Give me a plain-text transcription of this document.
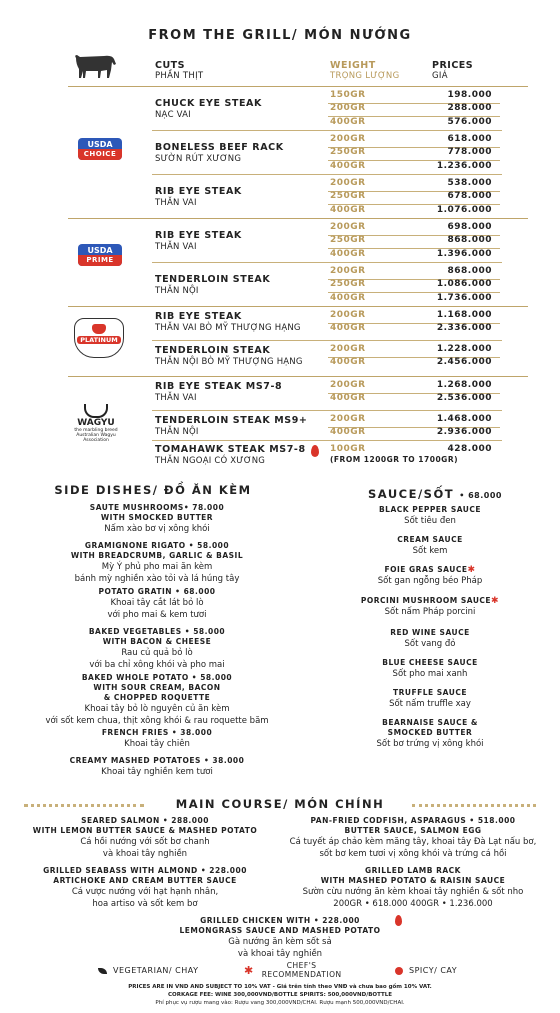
FROM THE GRILL/ MÓN NƯỚNG
CUTS
PHẦN THỊT
WEIGHT
TRỌNG LƯỢNG
PRICES
GIÁ
USDA
CHOICE
USDA
PRIME
PLATINUM
WAGYU
the marbling breed
Australian Wagyu Association
CHUCK EYE STEAK
NẠC VAI
150GR	198.000
200GR	288.000
400GR	576.000
BONELESS BEEF RACK
SƯỜN RÚT XƯƠNG
200GR	618.000
250GR	778.000
400GR	1.236.000
RIB EYE STEAK
THĂN VAI
200GR	538.000
250GR	678.000
400GR	1.076.000
RIB EYE STEAK
THĂN VAI
200GR	698.000
250GR	868.000
400GR	1.396.000
TENDERLOIN STEAK
THĂN NỘI
200GR	868.000
250GR	1.086.000
400GR	1.736.000
RIB EYE STEAK
THĂN VAI BÒ MỸ THƯỢNG HẠNG
200GR	1.168.000
400GR	2.336.000
TENDERLOIN STEAK
THĂN NỘI BÒ MỸ THƯỢNG HẠNG
200GR	1.228.000
400GR	2.456.000
RIB EYE STEAK MS7-8
THĂN VAI
200GR	1.268.000
400GR	2.536.000
TENDERLOIN STEAK MS9+
THĂN NỘI
200GR	1.468.000
400GR	2.936.000
TOMAHAWK STEAK MS7-8
THĂN NGOẠI CÓ XƯƠNG
100GR	428.000
(FROM 1200GR TO 1700GR)
SIDE DISHES/ ĐỒ ĂN KÈM
SAUTE MUSHROOMS• 78.000
WITH SMOCKED BUTTER
Nấm xào bơ vị xông khói
GRAMIGNONE RIGATO • 58.000
WITH BREADCRUMB, GARLIC & BASIL
Mỳ Ý phủ pho mai ăn kèm
bánh mỳ nghiền xào tỏi và lá húng tây
POTATO GRATIN • 68.000
Khoai tây cắt lát bỏ lò
với pho mai & kem tươi
BAKED VEGETABLES • 58.000
WITH BACON & CHEESE
Rau củ quả bỏ lò
với ba chỉ xông khói và pho mai
BAKED WHOLE POTATO • 58.000
WITH SOUR CREAM, BACON
& CHOPPED ROQUETTE
Khoai tây bỏ lò nguyên củ ăn kèm
với sốt kem chua, thịt xông khói & rau roquette băm
FRENCH FRIES • 38.000
Khoai tây chiên
CREAMY MASHED POTATOES • 38.000
Khoai tây nghiền kem tươi
SAUCE/SỐT • 68.000
BLACK PEPPER SAUCE
Sốt tiêu đen
CREAM SAUCE
Sốt kem
FOIE GRAS SAUCE✱
Sốt gan ngỗng béo Pháp
PORCINI MUSHROOM SAUCE✱
Sốt nấm Pháp porcini
RED WINE SAUCE
Sốt vang đỏ
BLUE CHEESE SAUCE
Sốt pho mai xanh
TRUFFLE SAUCE
Sốt nấm truffle xay
BEARNAISE SAUCE &
SMOCKED BUTTER
Sốt bơ trứng vị xông khói
MAIN COURSE/ MÓN CHÍNH
SEARED SALMON • 288.000
WITH LEMON BUTTER SAUCE & MASHED POTATO
Cá hồi nướng với sốt bơ chanh
và khoai tây nghiền
PAN-FRIED CODFISH, ASPARAGUS • 518.000
BUTTER SAUCE, SALMON EGG
Cá tuyết áp chảo kèm măng tây, khoai tây Đà Lạt nấu bơ,
sốt bơ kem tươi vị xông khói và trứng cá hồi
GRILLED SEABASS WITH ALMOND • 228.000
ARTICHOKE AND CREAM BUTTER SAUCE
Cá vược nướng với hạt hạnh nhân,
hoa artiso và sốt kem bơ
GRILLED LAMB RACK
WITH MASHED POTATO & RAISIN SAUCE
Sườn cừu nướng ăn kèm khoai tây nghiền & sốt nho
200GR • 618.000 400GR • 1.236.000
GRILLED CHICKEN WITH • 228.000
LEMONGRASS SAUCE AND MASHED POTATO
Gà nướng ăn kèm sốt sả
và khoai tây nghiền
VEGETARIAN/ CHAY	✱	CHEF'S
RECOMMENDATION	SPICY/ CAY
PRICES ARE IN VND AND SUBJECT TO 10% VAT - Giá trên tính theo VNĐ và chưa bao gồm 10% VAT.
CORKAGE FEE: WINE 300,000VND/BOTTLE SPIRITS: 500,000VND/BOTTLE
Phí phục vụ rượu mang vào: Rượu vang 300,000VND/CHAI. Rượu mạnh 500,000VND/CHAI.
